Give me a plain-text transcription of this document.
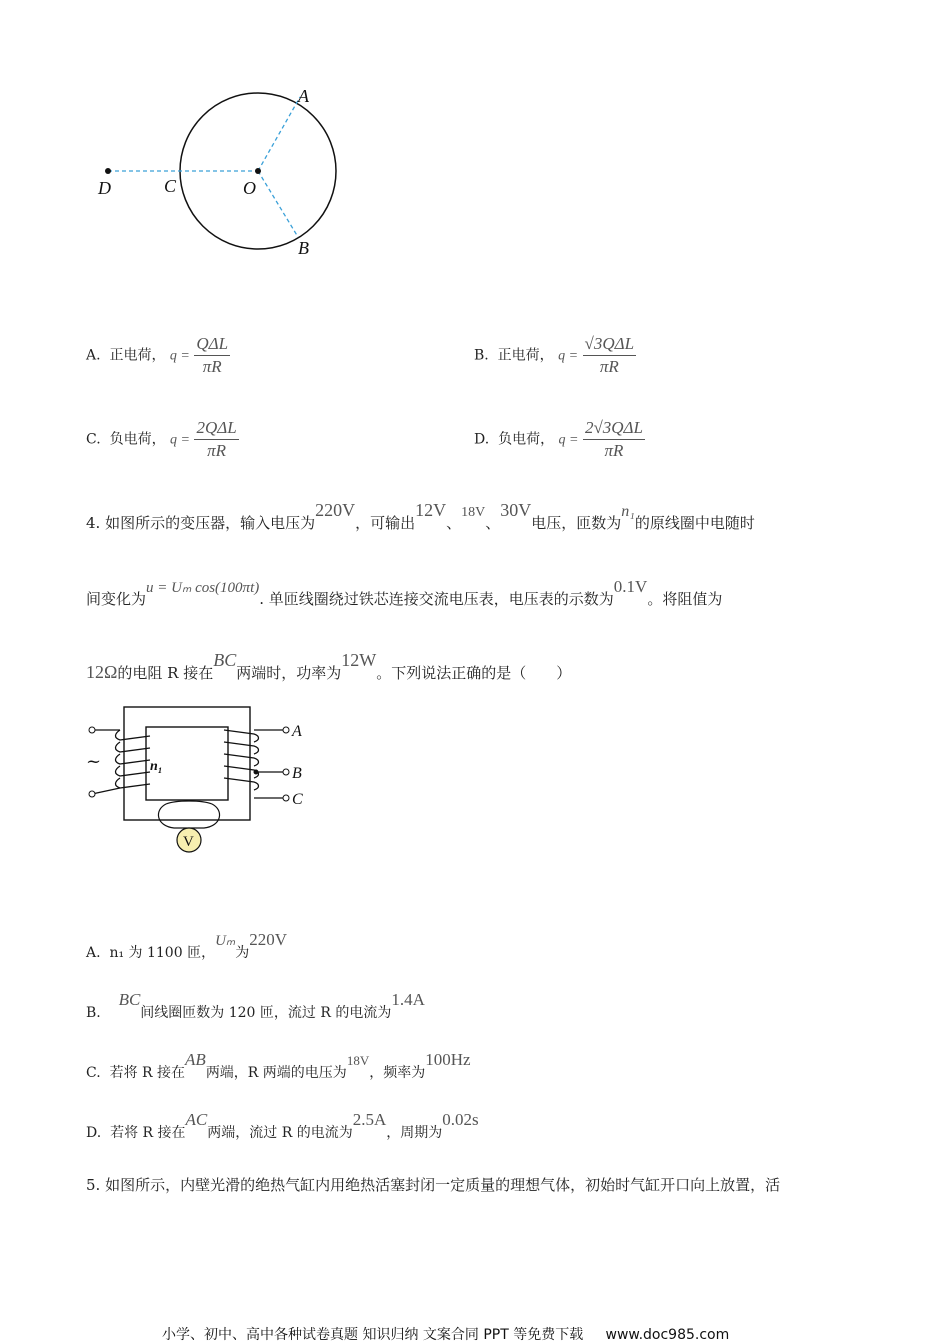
D	C	O
A
B
A. 正电荷， $q = \frac{\text{QΔL}}{\pi R}$	B. 正电荷， $q = \frac{\text{√3QΔL}}{\pi R}$
C. 负电荷， $q = \frac{\text{2QΔL}}{\pi R}$	D. 负电荷， $q = \frac{\text{2√3QΔL}}{\pi R}$
4. 如图所示的变压器，输入电压为220V，可输出12V、18V、30V电压，匝数为n₁的原线圈中电随时
间变化为u = Uₘ cos(100πt). 单匝线圈绕过铁芯连接交流电压表，电压表的示数为0.1V。将阻值为
12Ω的电阻 R 接在BC两端时，功率为12W。下列说法正确的是（　　）
~	n₁
A
B
C
V
A. n₁ 为 1100 匝，Uₘ为220V
B.    BC间线圈匝数为 120 匝，流过 R 的电流为1.4A
C. 若将 R 接在AB两端，R 两端的电压为18V，频率为100Hz
D. 若将 R 接在AC两端，流过 R 的电流为2.5A，周期为0.02s
5. 如图所示，内壁光滑的绝热气缸内用绝热活塞封闭一定质量的理想气体，初始时气缸开口向上放置，活
小学、初中、高中各种试卷真题 知识归纳 文案合同 PPT 等免费下载 www.doc985.com
